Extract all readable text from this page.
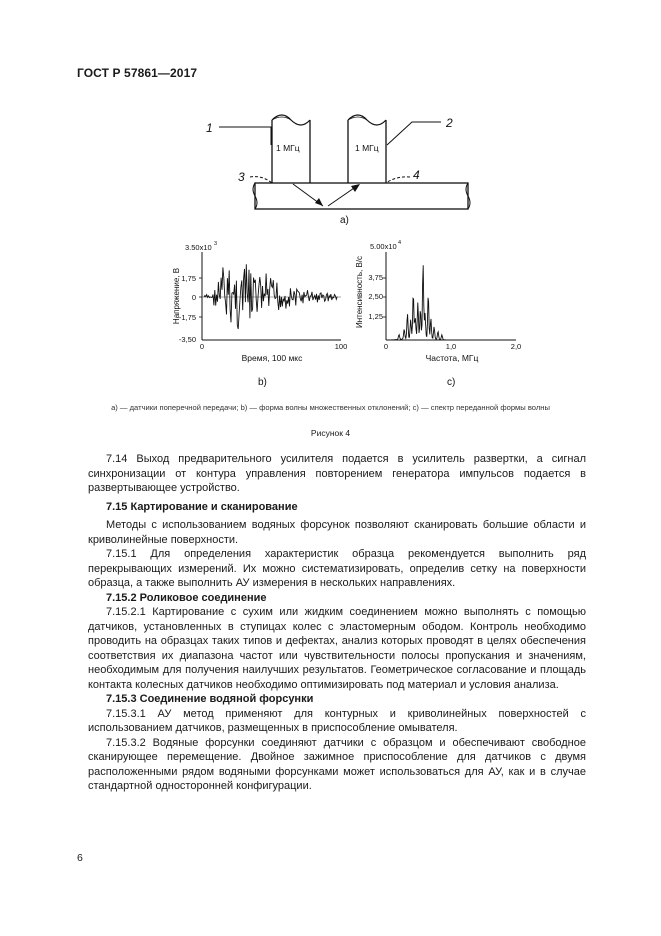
ГОСТ Р 57861—2017
1 МГц	1 МГц
1	2
3	4
а)
3.50х10 3
1,75
0
-1,75
-3,50
0	100
Напряжение, В
Время, 100 мкс
b)
5.00х10 4
3,75
2,50
1,25
0	1,0	2,0
Интенсивность, В/с
Частота, МГц
с)
а) — датчики поперечной передачи; b) — форма волны множественных отклонений; с) — спектр переданной формы волны
Рисунок 4

7.14 Выход предварительного усилителя подается в усилитель развертки, а сигнал синхронизации от контура управления повторением генератора импульсов подается в развертывающее устройство.

7.15 Картирование и сканирование

Методы с использованием водяных форсунок позволяют сканировать большие области и криволинейные поверхности.

7.15.1 Для определения характеристик образца рекомендуется выполнить ряд перекрывающих измерений. Их можно систематизировать, определив сетку на поверхности образца, а также выполнить АУ измерения в нескольких направлениях.

7.15.2 Роликовое соединение

7.15.2.1 Картирование с сухим или жидким соединением можно выполнять с помощью датчиков, установленных в ступицах колес с эластомерным ободом. Контроль необходимо проводить на образцах таких типов и дефектах, анализ которых проводят в целях обеспечения соответствия их диапазона частот или чувствительности полосы пропускания и значениям, необходимым для получения наилучших результатов. Геометрическое согласование и площадь контакта колесных датчиков необходимо оптимизировать под материал и условия анализа.

7.15.3 Соединение водяной форсунки

7.15.3.1 АУ метод применяют для контурных и криволинейных поверхностей с использованием датчиков, размещенных в приспособление омывателя.

7.15.3.2 Водяные форсунки соединяют датчики с образцом и обеспечивают свободное сканирующее перемещение. Двойное зажимное приспособление для датчиков с двумя расположенными рядом водяными форсунками может использоваться для АУ, как и в случае стандартной односторонней конфигурации.

6
